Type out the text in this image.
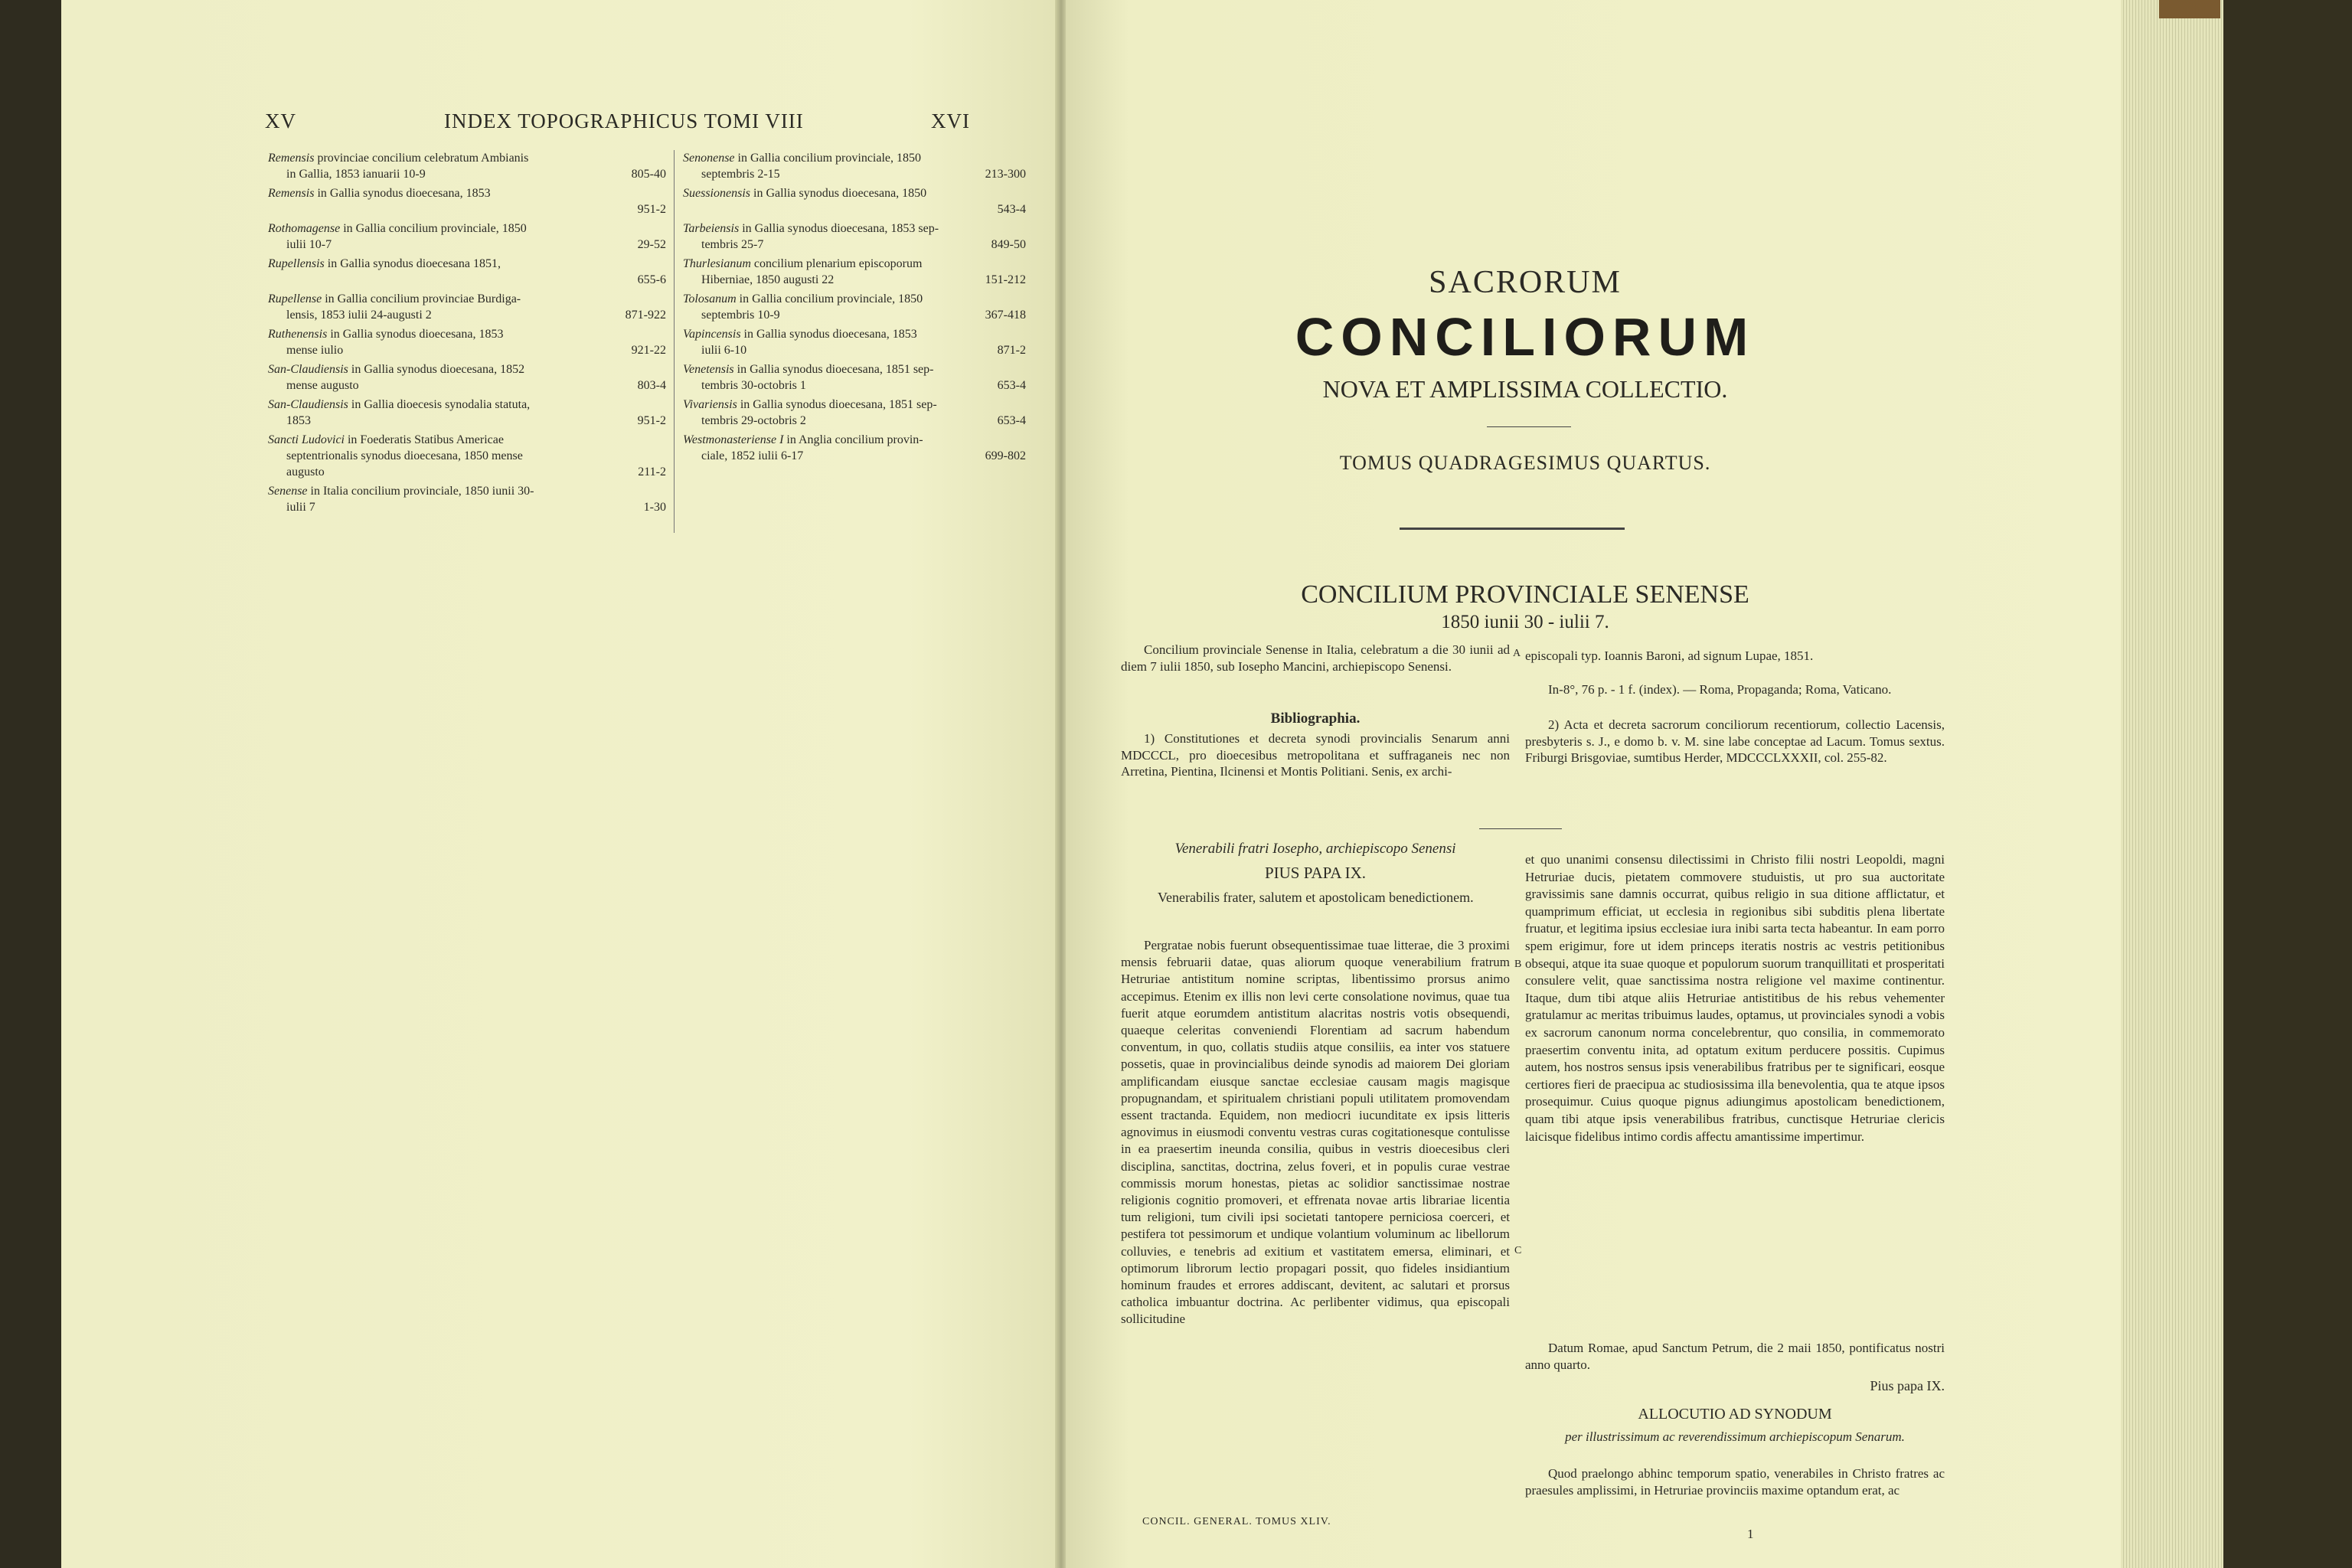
XV	INDEX TOPOGRAPHICUS TOMI VIII	XVI
Remensis provinciae concilium celebratum Ambianis
in Gallia, 1853 ianuarii 10-9	805-40
Remensis in Gallia synodus dioecesana, 1853
951-2
Rothomagense in Gallia concilium provinciale, 1850
iulii 10-7	29-52
Rupellensis in Gallia synodus dioecesana 1851,
655-6
Rupellense in Gallia concilium provinciae Burdiga-
lensis, 1853 iulii 24-augusti 2	871-922
Ruthenensis in Gallia synodus dioecesana, 1853
mense iulio	921-22
San-Claudiensis in Gallia synodus dioecesana, 1852
mense augusto	803-4
San-Claudiensis in Gallia dioecesis synodalia statuta,
1853	951-2
Sancti Ludovici in Foederatis Statibus Americae
septentrionalis synodus dioecesana, 1850 mense
augusto	211-2
Senense in Italia concilium provinciale, 1850 iunii 30-
iulii 7	1-30
Senonense in Gallia concilium provinciale, 1850
septembris 2-15	213-300
Suessionensis in Gallia synodus dioecesana, 1850
543-4
Tarbeiensis in Gallia synodus dioecesana, 1853 sep-
tembris 25-7	849-50
Thurlesianum concilium plenarium episcoporum
Hiberniae, 1850 augusti 22	151-212
Tolosanum in Gallia concilium provinciale, 1850
septembris 10-9	367-418
Vapincensis in Gallia synodus dioecesana, 1853
iulii 6-10	871-2
Venetensis in Gallia synodus dioecesana, 1851 sep-
tembris 30-octobris 1	653-4
Vivariensis in Gallia synodus dioecesana, 1851 sep-
tembris 29-octobris 2	653-4
Westmonasteriense I in Anglia concilium provin-
ciale, 1852 iulii 6-17	699-802
SACRORUM
CONCILIORUM
NOVA ET AMPLISSIMA COLLECTIO.
TOMUS QUADRAGESIMUS QUARTUS.
CONCILIUM PROVINCIALE SENENSE
1850 iunii 30 - iulii 7.
Concilium provinciale Senense in Italia, celebratum a die 30 iunii ad diem 7 iulii 1850, sub Iosepho Mancini, archiepiscopo Senensi.
Bibliographia.
1) Constitutiones et decreta synodi provincialis Senarum anni MDCCCL, pro dioecesibus metropolitana et suffraganeis nec non Arretina, Pientina, Ilcinensi et Montis Politiani. Senis, ex archi-
A episcopali typ. Ioannis Baroni, ad signum Lupae, 1851.
In-8°, 76 p. - 1 f. (index). — Roma, Propaganda; Roma, Vaticano.
2) Acta et decreta sacrorum conciliorum recentiorum, collectio Lacensis, presbyteris s. J., e domo b. v. M. sine labe conceptae ad Lacum. Tomus sextus. Friburgi Brisgoviae, sumtibus Herder, MDCCCLXXXII, col. 255-82.
Venerabili fratri Iosepho, archiepiscopo Senensi
PIUS PAPA IX.
Venerabilis frater, salutem et apostolicam benedictionem.
Pergratae nobis fuerunt obsequentissimae tuae litterae, die 3 proximi mensis februarii datae, quas aliorum quoque venerabilium fratrum Hetruriae antistitum nomine scriptas, libentissimo prorsus animo accepimus. Etenim ex illis non levi certe consolatione novimus, quae tua fuerit atque eorumdem antistitum alacritas nostris votis obsequendi, quaeque celeritas conveniendi Florentiam ad sacrum habendum conventum, in quo, collatis studiis atque consiliis, ea inter vos statuere possetis, quae in provincialibus deinde synodis ad maiorem Dei gloriam amplificandam eiusque sanctae ecclesiae causam magis magisque propugnandam, et spiritualem christiani populi utilitatem promovendam essent tractanda. Equidem, non mediocri iucunditate ex ipsis litteris agnovimus in eiusmodi conventu vestras curas cogitationesque contulisse in ea praesertim ineunda consilia, quibus in vestris dioecesibus cleri disciplina, sanctitas, doctrina, zelus foveri, et in populis curae vestrae commissis morum honestas, pietas ac solidior sanctissimae nostrae religionis cognitio promoveri, et effrenata novae artis librariae licentia tum religioni, tum civili ipsi societati tantopere perniciosa coerceri, et pestifera tot pessimorum et undique volantium voluminum ac libellorum colluvies, e tenebris ad exitium et vastitatem emersa, eliminari, et optimorum librorum lectio propagari possit, quo fideles insidiantium hominum fraudes et errores addiscant, devitent, ac salutari et prorsus catholica imbuantur doctrina. Ac perlibenter vidimus, qua episcopali sollicitudine
B
C
et quo unanimi consensu dilectissimi in Christo filii nostri Leopoldi, magni Hetruriae ducis, pietatem commovere studuistis, ut pro sua auctoritate gravissimis sane damnis occurrat, quibus religio in sua ditione afflictatur, et quamprimum efficiat, ut ecclesia in regionibus sibi subditis plena libertate fruatur, et legitima ipsius ecclesiae iura inibi sarta tecta habeantur. In eam porro spem erigimur, fore ut idem princeps iteratis nostris ac vestris petitionibus obsequi, atque ita suae quoque et populorum suorum tranquillitati et prosperitati consulere velit, quae sanctissima nostra religione vel maxime continentur. Itaque, dum tibi atque aliis Hetruriae antistitibus de his rebus vehementer gratulamur ac meritas tribuimus laudes, optamus, ut provinciales synodi a vobis ex sacrorum canonum norma concelebrentur, quo consilia, in commemorato praesertim conventu inita, ad optatum exitum perducere possitis. Cupimus autem, hos nostros sensus ipsis venerabilibus fratribus per te significari, eosque certiores fieri de praecipua ac studiosissima illa benevolentia, qua te atque ipsos prosequimur. Cuius quoque pignus adiungimus apostolicam benedictionem, quam tibi atque ipsis venerabilibus fratribus, cunctisque Hetruriae clericis laicisque fidelibus intimo cordis affectu amantissime impertimur.
Datum Romae, apud Sanctum Petrum, die 2 maii 1850, pontificatus nostri anno quarto.
Pius papa IX.
ALLOCUTIO AD SYNODUM
per illustrissimum ac reverendissimum archiepiscopum Senarum.
Quod praelongo abhinc temporum spatio, venerabiles in Christo fratres ac praesules amplissimi, in Hetruriae provinciis maxime optandum erat, ac
CONCIL. GENERAL. TOMUS XLIV.
1
